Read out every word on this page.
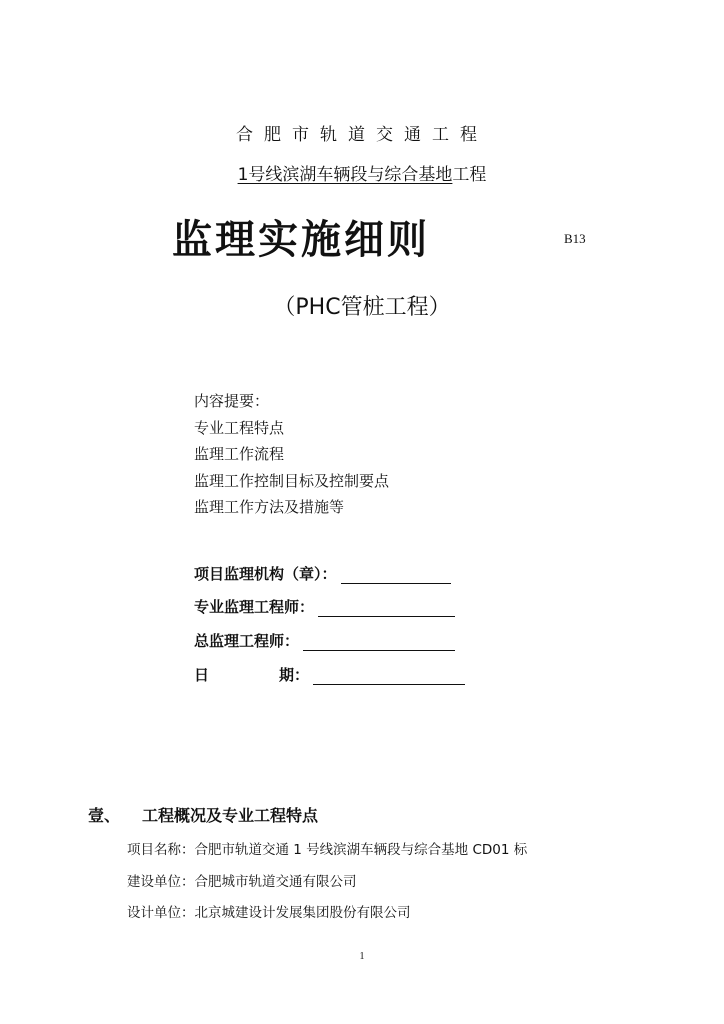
合肥市轨道交通工程
1号线滨湖车辆段与综合基地工程
监理实施细则	B13
（PHC管桩工程）
内容提要：
专业工程特点
监理工作流程
监理工作控制目标及控制要点
监理工作方法及措施等
项目监理机构（章）：
专业监理工程师：
总监理工程师：
日	期：
壹、 工程概况及专业工程特点
项目名称：合肥市轨道交通 1 号线滨湖车辆段与综合基地 CD01 标
建设单位：合肥城市轨道交通有限公司
设计单位：北京城建设计发展集团股份有限公司
1
